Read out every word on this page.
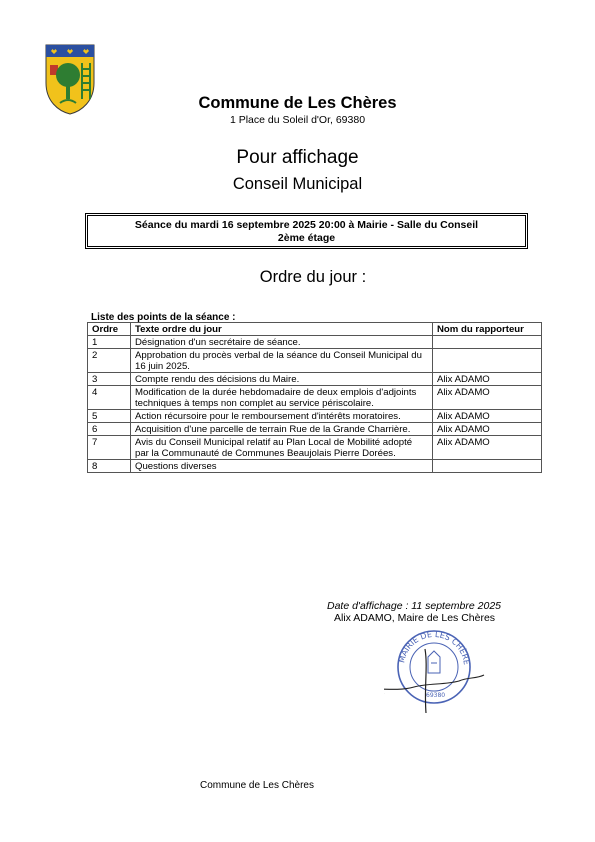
Commune de Les Chères
1 Place du Soleil d'Or, 69380
Pour affichage
Conseil Municipal
Séance du mardi 16 septembre 2025 20:00 à Mairie - Salle du Conseil
2ème étage
Ordre du jour :
Liste des points de la séance :
Ordre	Texte ordre du jour	Nom du rapporteur
1	Désignation d'un secrétaire de séance.	
2	Approbation du procès verbal de la séance du Conseil Municipal du 16 juin 2025.	
3	Compte rendu des décisions du Maire.	Alix ADAMO
4	Modification de la durée hebdomadaire de deux emplois d'adjoints techniques à temps non complet au service périscolaire.	Alix ADAMO
5	Action récursoire pour le remboursement d'intérêts moratoires.	Alix ADAMO
6	Acquisition d'une parcelle de terrain Rue de la Grande Charrière.	Alix ADAMO
7	Avis du Conseil Municipal relatif au Plan Local de Mobilité adopté par la Communauté de Communes Beaujolais Pierre Dorées.	Alix ADAMO
8	Questions diverses	
Date d'affichage : 11 septembre 2025
Alix ADAMO, Maire de Les Chères
MAIRIE DE LES CHÈRE
69380
Commune de Les Chères
